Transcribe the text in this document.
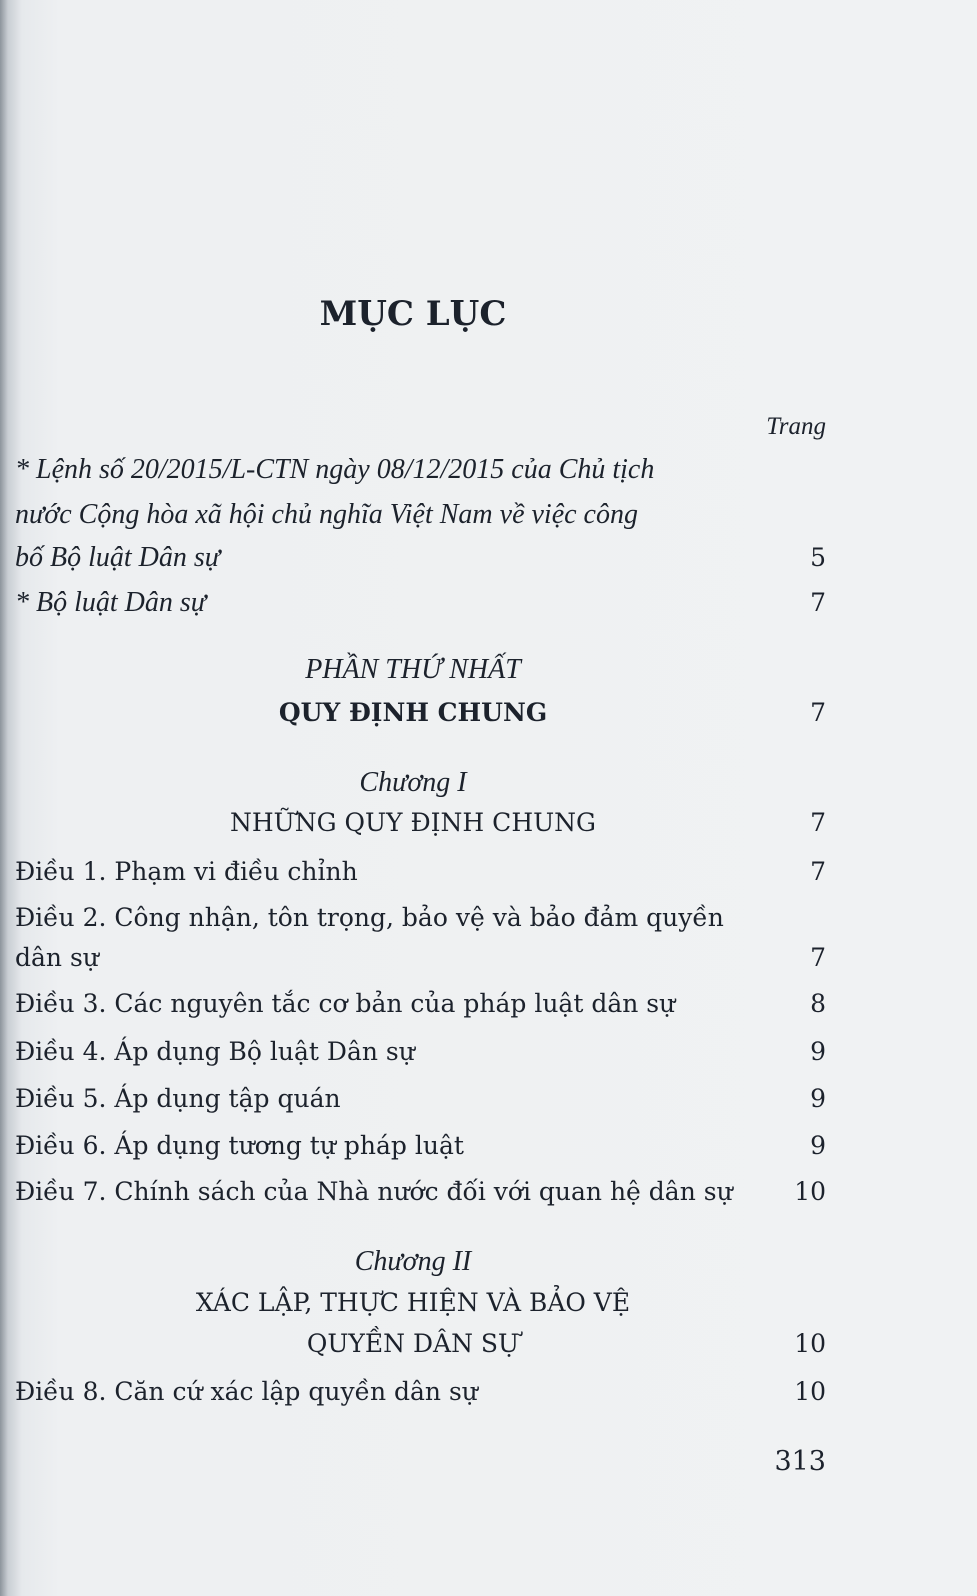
MỤC LỤC
Trang
* Lệnh số 20/2015/L-CTN ngày 08/12/2015 của Chủ tịch
nước Cộng hòa xã hội chủ nghĩa Việt Nam về việc công
bố Bộ luật Dân sự	5
* Bộ luật Dân sự	7
PHẦN THỨ NHẤT
QUY ĐỊNH CHUNG	7
Chương I
NHỮNG QUY ĐỊNH CHUNG	7
Điều 1. Phạm vi điều chỉnh	7
Điều 2. Công nhận, tôn trọng, bảo vệ và bảo đảm quyền
dân sự	7
Điều 3. Các nguyên tắc cơ bản của pháp luật dân sự	8
Điều 4. Áp dụng Bộ luật Dân sự	9
Điều 5. Áp dụng tập quán	9
Điều 6. Áp dụng tương tự pháp luật	9
Điều 7. Chính sách của Nhà nước đối với quan hệ dân sự 10
Chương II
XÁC LẬP, THỰC HIỆN VÀ BẢO VỆ
QUYỀN DÂN SỰ	10
Điều 8. Căn cứ xác lập quyền dân sự	10
313
